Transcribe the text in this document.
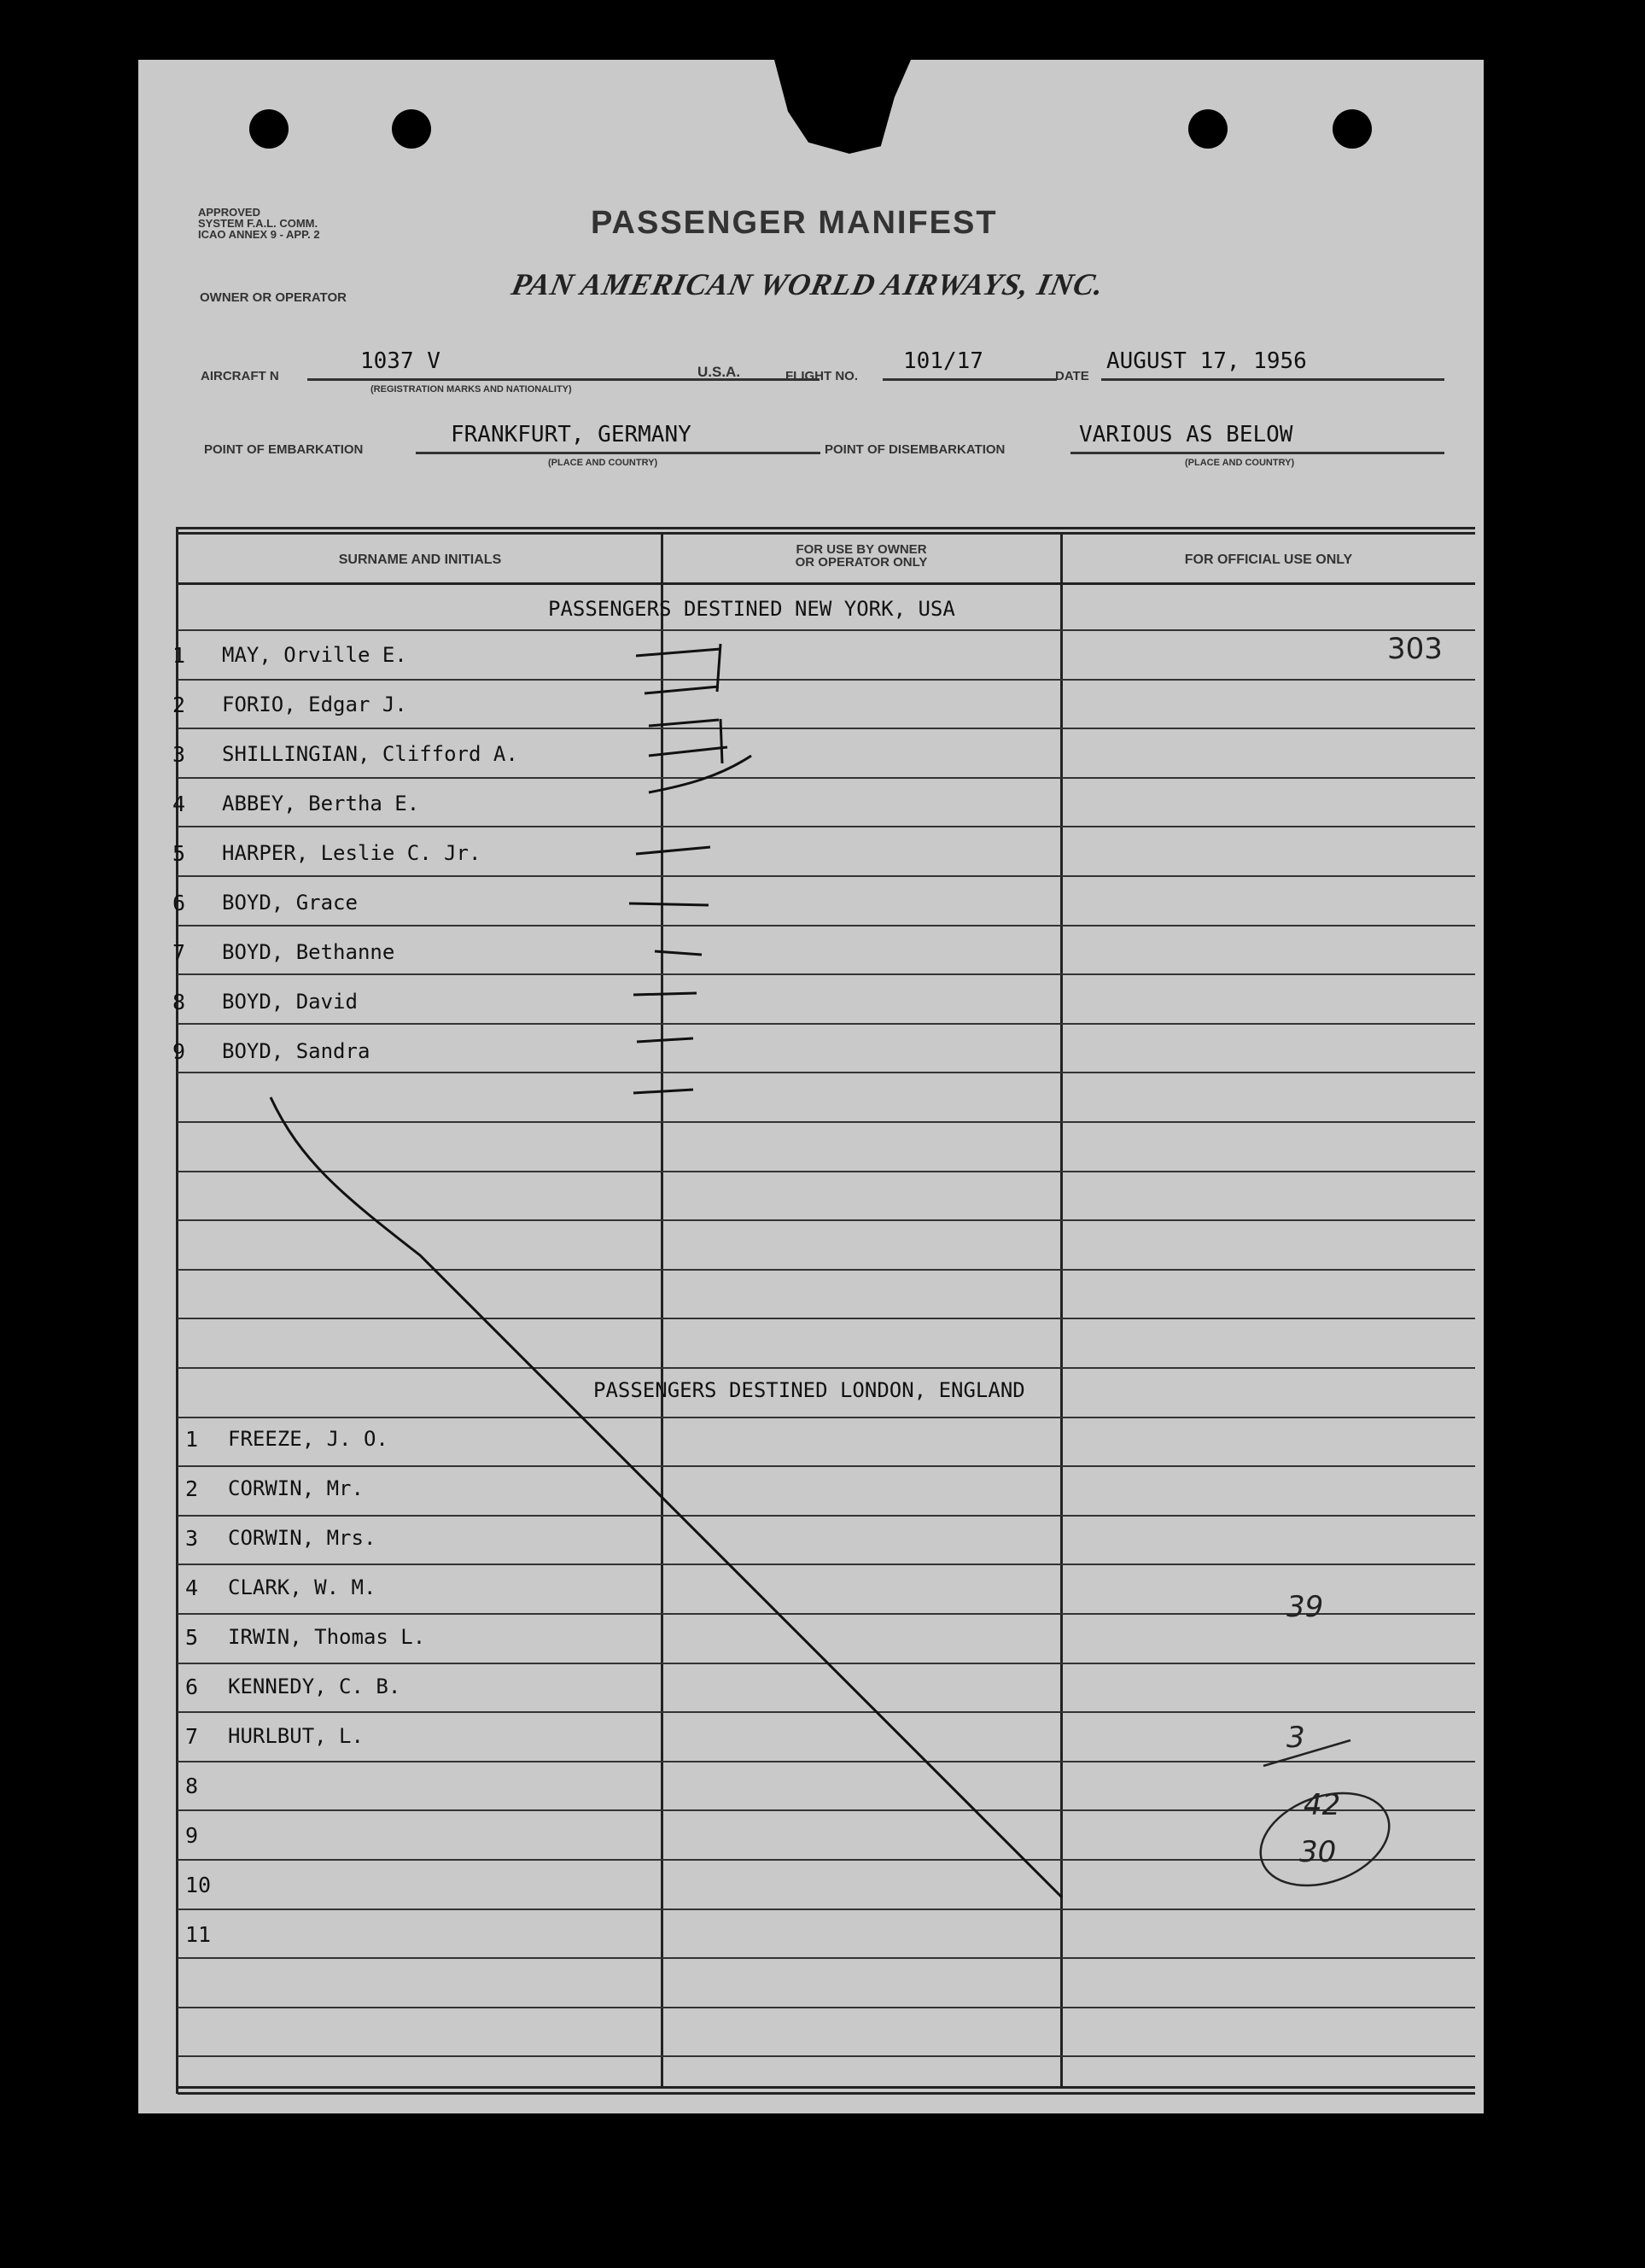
APPROVED
SYSTEM F.A.L. COMM.
ICAO ANNEX 9 - APP. 2	PASSENGER MANIFEST
OWNER OR OPERATOR	PAN AMERICAN WORLD AIRWAYS, INC.
AIRCRAFT N
1037 V
(REGISTRATION MARKS AND NATIONALITY)
U.S.A.	FLIGHT NO.
101/17
DATE
AUGUST 17, 1956
POINT OF EMBARKATION
FRANKFURT, GERMANY
(PLACE AND COUNTRY)
POINT OF DISEMBARKATION
VARIOUS AS BELOW
(PLACE AND COUNTRY)
SURNAME AND INITIALS
FOR USE BY OWNER
OR OPERATOR ONLY	FOR OFFICIAL USE ONLY
PASSENGERS DESTINED NEW YORK, USA
PASSENGERS DESTINED LONDON, ENGLAND
1 MAY, Orville E.
2 FORIO, Edgar J.
3 SHILLINGIAN, Clifford A.
4 ABBEY, Bertha E.
5 HARPER, Leslie C. Jr.
6 BOYD, Grace
7 BOYD, Bethanne
8 BOYD, David
9 BOYD, Sandra
1 FREEZE, J. O.
2 CORWIN, Mr.
3 CORWIN, Mrs.
4 CLARK, W. M.
5 IRWIN, Thomas L.
6 KENNEDY, C. B.
7 HURLBUT, L.
8
9
10
11
303
39
3
42
30
